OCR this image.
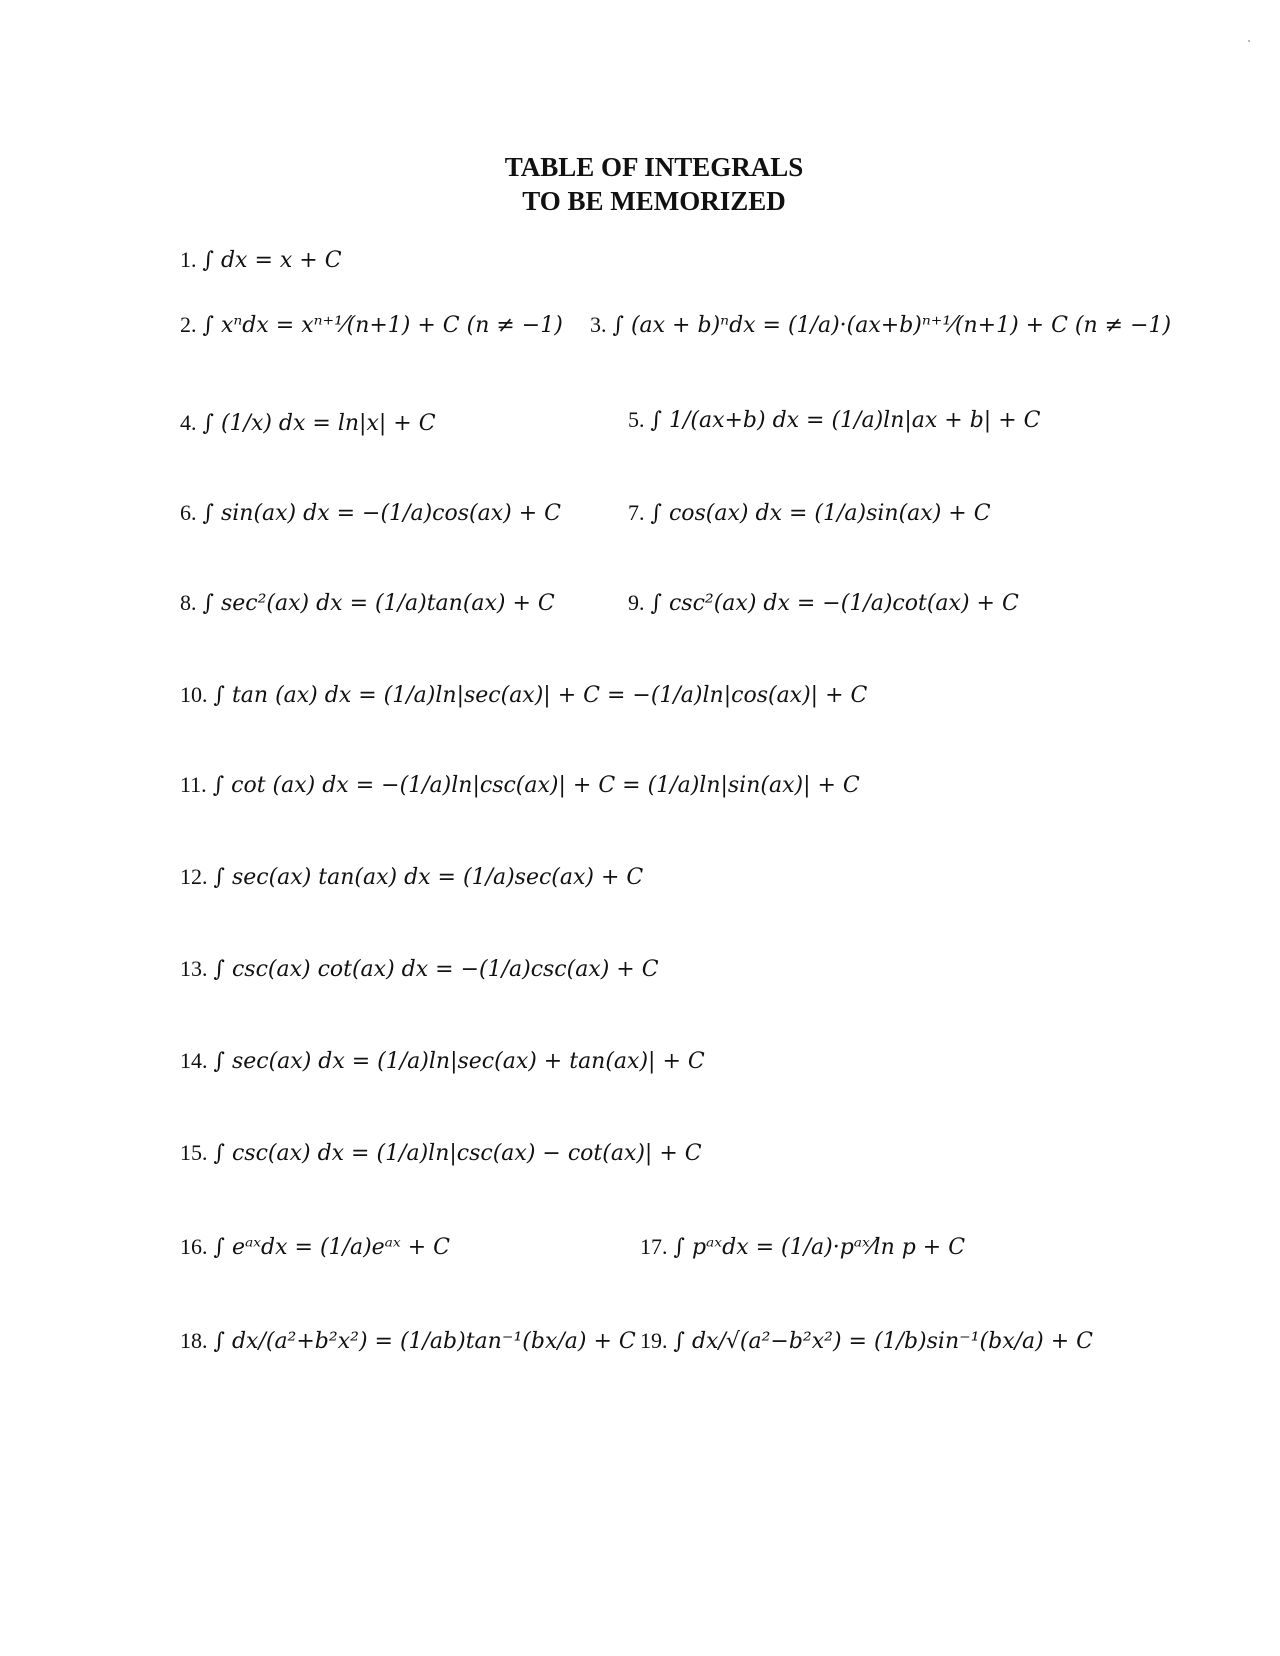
TABLE OF INTEGRALS
TO BE MEMORIZED
1. ∫ dx = x + C
2. ∫ xⁿdx = xⁿ⁺¹⁄(n+1) + C (n ≠ −1) 3. ∫ (ax + b)ⁿdx = (1/a)·(ax+b)ⁿ⁺¹⁄(n+1) + C (n ≠ −1)
4. ∫ (1/x) dx = ln|x| + C	5. ∫ 1/(ax+b) dx = (1/a)ln|ax + b| + C
6. ∫ sin(ax) dx = −(1/a)cos(ax) + C	7. ∫ cos(ax) dx = (1/a)sin(ax) + C
8. ∫ sec²(ax) dx = (1/a)tan(ax) + C	9. ∫ csc²(ax) dx = −(1/a)cot(ax) + C
10. ∫ tan (ax) dx = (1/a)ln|sec(ax)| + C = −(1/a)ln|cos(ax)| + C
11. ∫ cot (ax) dx = −(1/a)ln|csc(ax)| + C = (1/a)ln|sin(ax)| + C
12. ∫ sec(ax) tan(ax) dx = (1/a)sec(ax) + C
13. ∫ csc(ax) cot(ax) dx = −(1/a)csc(ax) + C
14. ∫ sec(ax) dx = (1/a)ln|sec(ax) + tan(ax)| + C
15. ∫ csc(ax) dx = (1/a)ln|csc(ax) − cot(ax)| + C
16. ∫ eᵃˣdx = (1/a)eᵃˣ + C	17. ∫ pᵃˣdx = (1/a)·pᵃˣ⁄ln p + C
18. ∫ dx/(a²+b²x²) = (1/ab)tan⁻¹(bx/a) + C 19. ∫ dx/√(a²−b²x²) = (1/b)sin⁻¹(bx/a) + C
